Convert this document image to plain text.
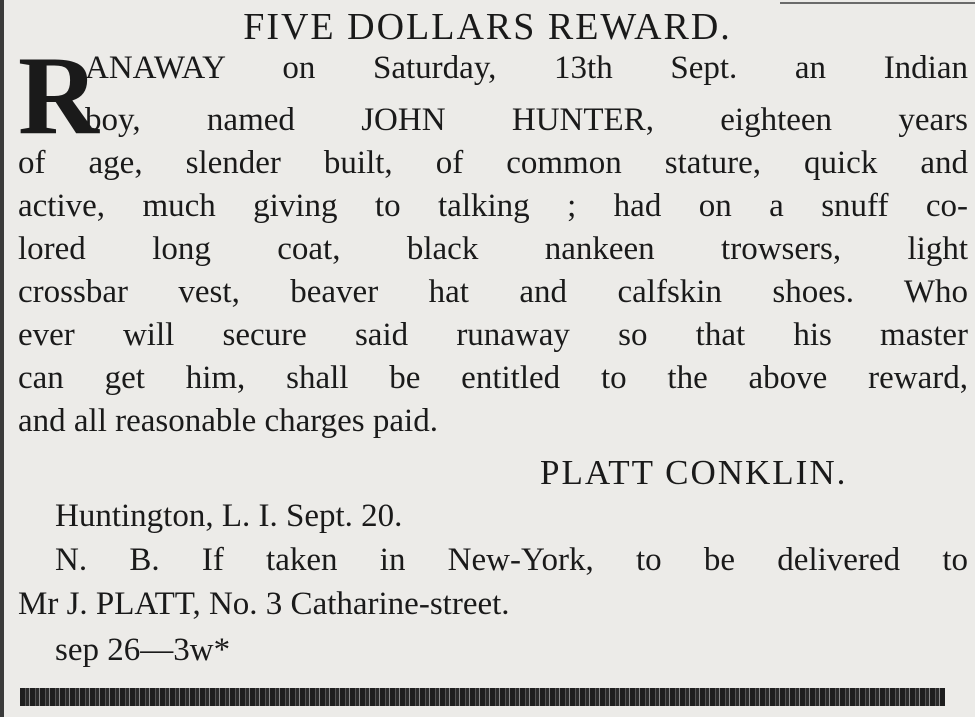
FIVE DOLLARS REWARD.
R
ANAWAY on Saturday, 13th Sept. an Indian
boy, named JOHN HUNTER, eighteen years
of age, slender built, of common stature, quick and
active, much giving to talking ; had on a snuff co-
lored long coat, black nankeen trowsers, light
crossbar vest, beaver hat and calfskin shoes. Who
ever will secure said runaway so that his master
can get him, shall be entitled to the above reward,
and all reasonable charges paid.
PLATT CONKLIN.
Huntington, L. I. Sept. 20.
N. B. If taken in New-York, to be delivered to
Mr J. PLATT, No. 3 Catharine-street.
sep 26—3w*
